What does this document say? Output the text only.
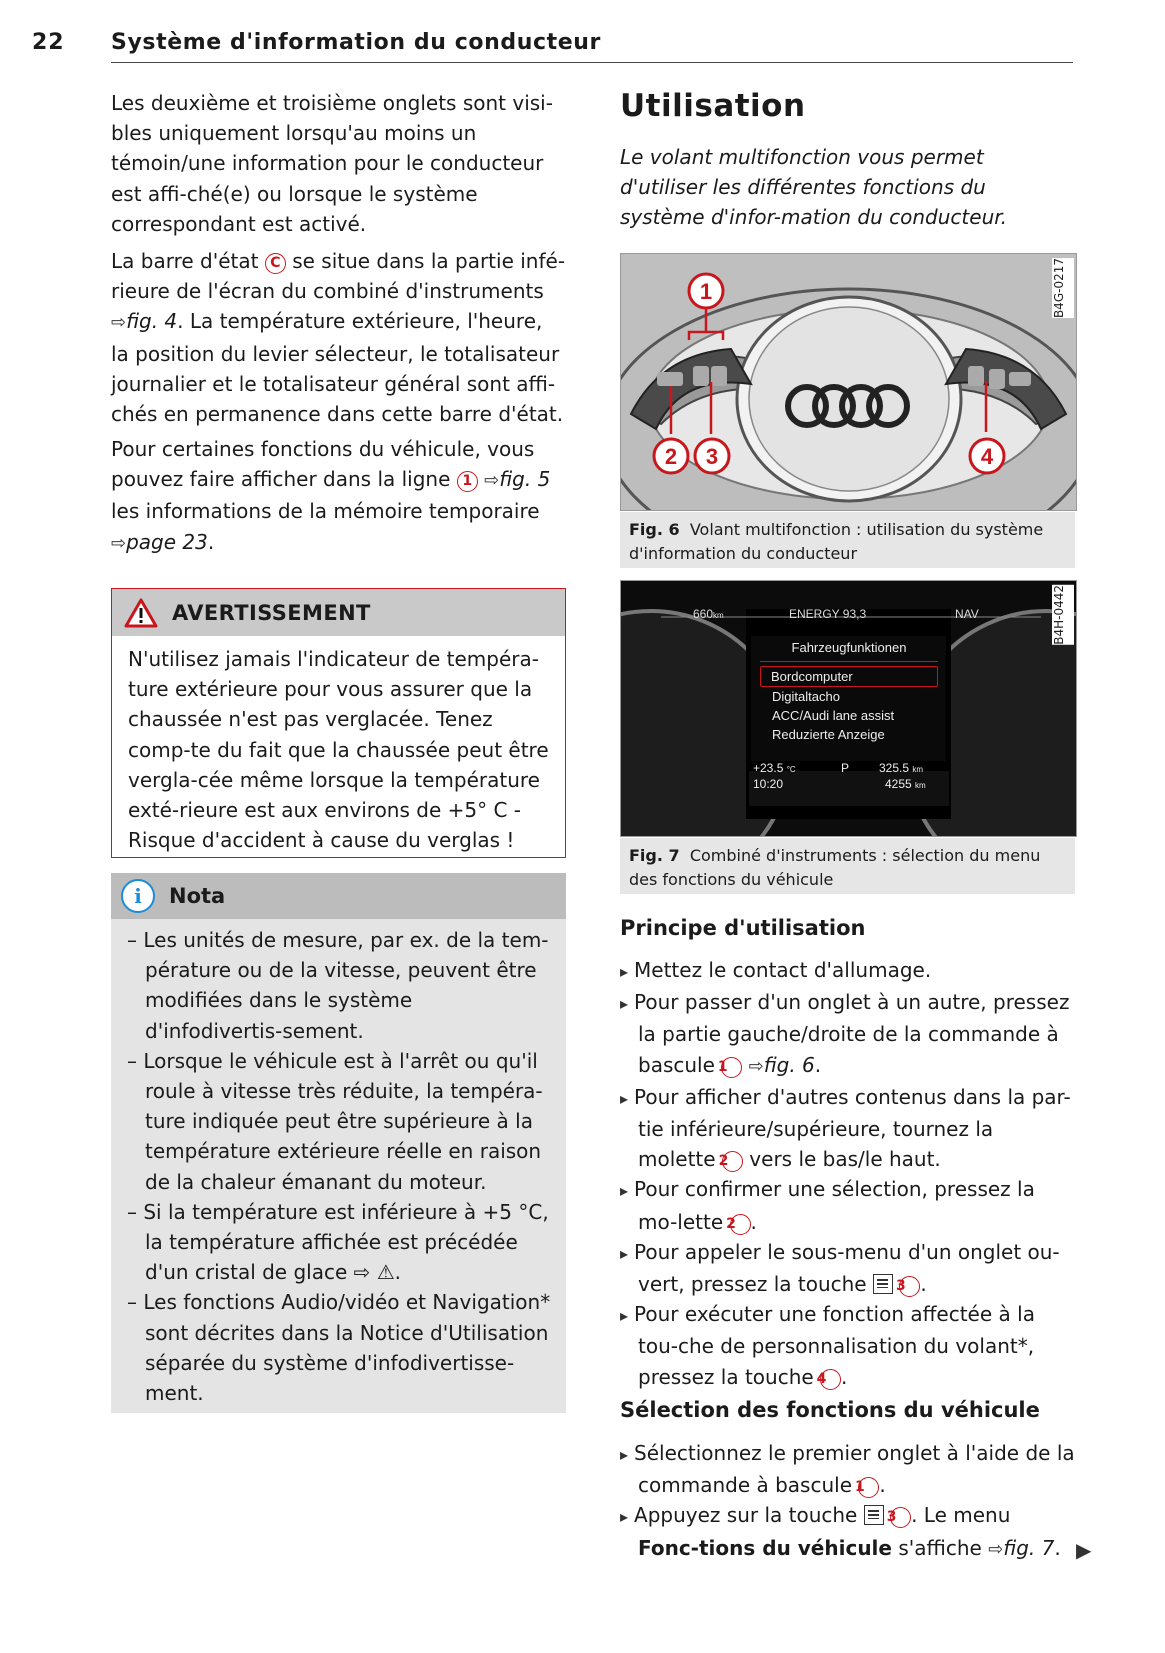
22 Système d'information du conducteur

Les deuxième et troisième onglets sont visi-bles uniquement lorsqu'au moins un témoin/une information pour le conducteur est affi-ché(e) ou lorsque le système correspondant est activé.

La barre d'état C se situe dans la partie infé-rieure de l'écran du combiné d'instruments ⇨fig. 4. La température extérieure, l'heure, la position du levier sélecteur, le totalisateur journalier et le totalisateur général sont affi-chés en permanence dans cette barre d'état.

Pour certaines fonctions du véhicule, vous pouvez faire afficher dans la ligne 1 ⇨fig. 5 les informations de la mémoire temporaire ⇨page 23.

AVERTISSEMENT
N'utilisez jamais l'indicateur de tempéra-ture extérieure pour vous assurer que la chaussée n'est pas verglacée. Tenez comp-te du fait que la chaussée peut être vergla-cée même lorsque la température exté-rieure est aux environs de +5° C - Risque d'accident à cause du verglas !
i	Nota
– Les unités de mesure, par ex. de la tem-pérature ou de la vitesse, peuvent être modifiées dans le système d'infodivertis-sement.
– Lorsque le véhicule est à l'arrêt ou qu'il roule à vitesse très réduite, la tempéra-ture indiquée peut être supérieure à la température extérieure réelle en raison de la chaleur émanant du moteur.
– Si la température est inférieure à +5 °C, la température affichée est précédée d'un cristal de glace ⇨ ⚠.
– Les fonctions Audio/vidéo et Navigation* sont décrites dans la Notice d'Utilisation séparée du système d'infodivertisse-ment.
Utilisation
Le volant multifonction vous permet d'utiliser les différentes fonctions du système d'infor-mation du conducteur.
1
2 3	4
B4G-0217
Fig. 6 Volant multifonction : utilisation du système d'information du conducteur
660km	ENERGY 93,3	NAV
Fahrzeugfunktionen
Bordcomputer
Digitaltacho
ACC/Audi lane assist
Reduzierte Anzeige
+23.5 °C
10:20
P 325.5 km
4255 km
B4H-0442
Fig. 7 Combiné d'instruments : sélection du menu des fonctions du véhicule
Principe d'utilisation
▸ Mettez le contact d'allumage.
▸ Pour passer d'un onglet à un autre, pressez la partie gauche/droite de la commande à bascule 1 ⇨fig. 6.
▸ Pour afficher d'autres contenus dans la par-tie inférieure/supérieure, tournez la molette 2 vers le bas/le haut.
▸ Pour confirmer une sélection, pressez la mo-lette 2 .
▸ Pour appeler le sous-menu d'un onglet ou-vert, pressez la touche 3 .
▸ Pour exécuter une fonction affectée à la tou-che de personnalisation du volant*, pressez la touche 4 .
Sélection des fonctions du véhicule
▸ Sélectionnez le premier onglet à l'aide de la commande à bascule 1 .
▸ Appuyez sur la touche 3 . Le menu Fonc-tions du véhicule s'affiche ⇨fig. 7. ▶
